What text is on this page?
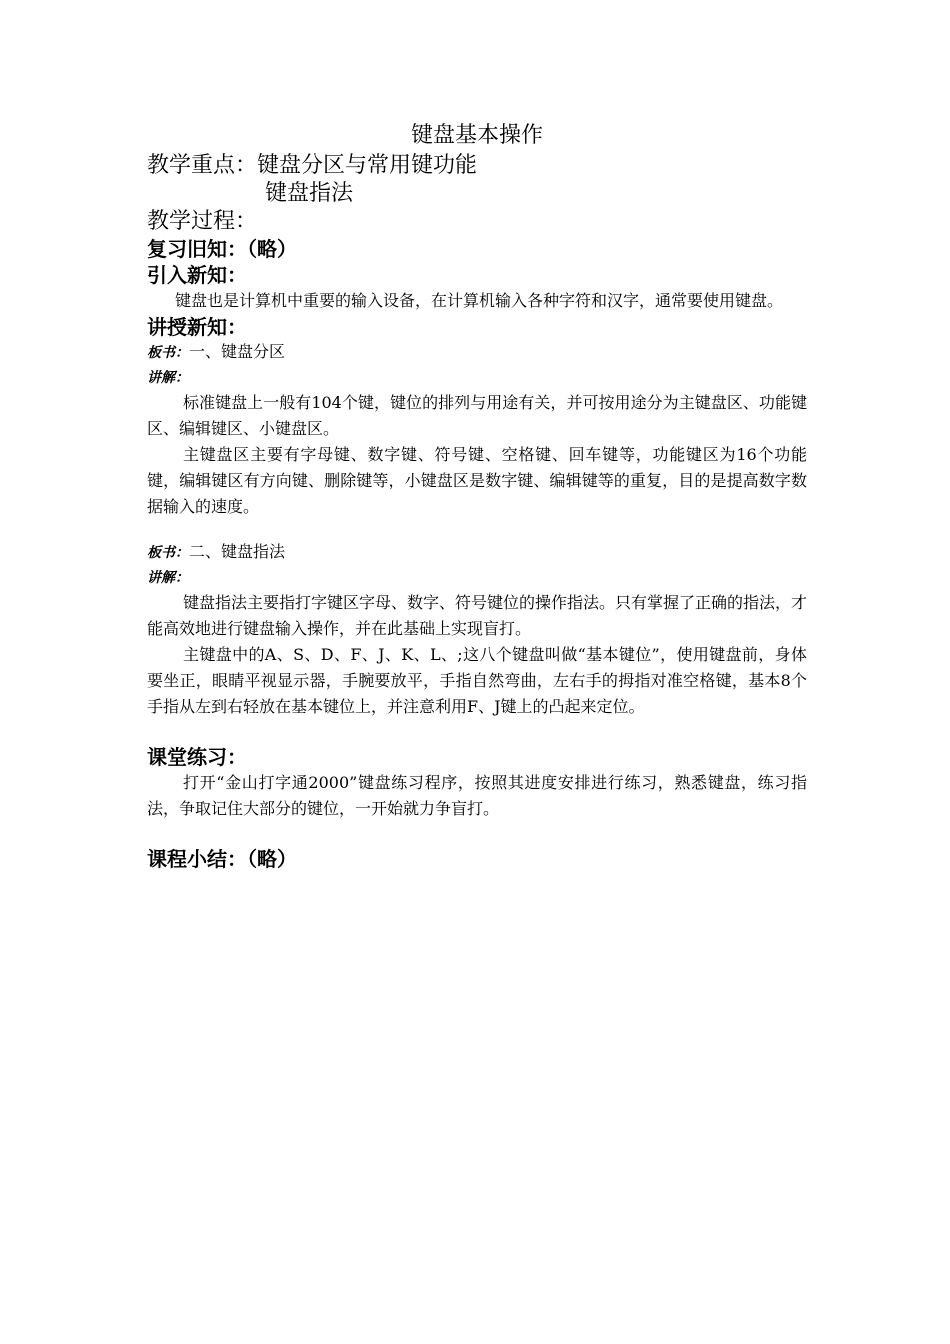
键盘基本操作

教学重点：键盘分区与常用键功能

键盘指法

教学过程：

复习旧知：（略）

引入新知：

键盘也是计算机中重要的输入设备，在计算机输入各种字符和汉字，通常要使用键盘。

讲授新知：

板书：一、键盘分区

讲解：

标准键盘上一般有104个键，键位的排列与用途有关，并可按用途分为主键盘区、功能键区、编辑键区、小键盘区。

主键盘区主要有字母键、数字键、符号键、空格键、回车键等，功能键区为16个功能键，编辑键区有方向键、删除键等，小键盘区是数字键、编辑键等的重复，目的是提高数字数据输入的速度。

板书：二、键盘指法

讲解：

键盘指法主要指打字键区字母、数字、符号键位的操作指法。只有掌握了正确的指法，才能高效地进行键盘输入操作，并在此基础上实现盲打。

主键盘中的A、S、D、F、J、K、L、;这八个键盘叫做“基本键位”，使用键盘前，身体要坐正，眼睛平视显示器，手腕要放平，手指自然弯曲，左右手的拇指对准空格键，基本8个手指从左到右轻放在基本键位上，并注意利用F、J键上的凸起来定位。

课堂练习：

打开“金山打字通2000”键盘练习程序，按照其进度安排进行练习，熟悉键盘，练习指法，争取记住大部分的键位，一开始就力争盲打。

课程小结：（略）
